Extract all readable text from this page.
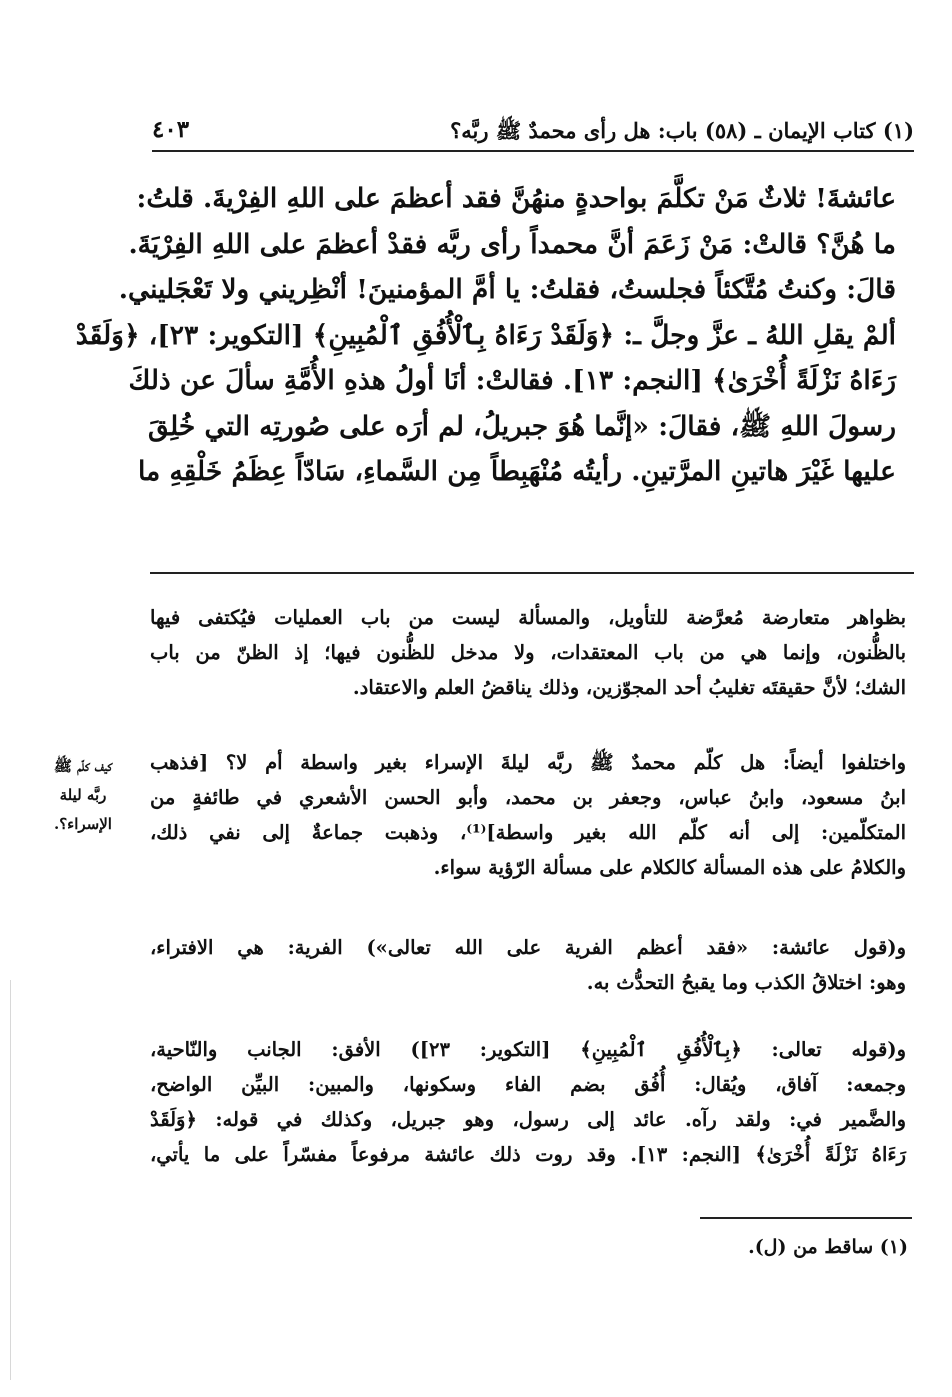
(١) كتاب الإيمان ـ (٥٨) باب: هل رأى محمدٌ ﷺ ربَّه؟
٤٠٣
عائشةَ! ثلاثٌ مَنْ تكلَّمَ بواحدةٍ منهُنَّ فقد أعظمَ على اللهِ الفِرْيةَ. قلتُ:
ما هُنَّ؟ قالتْ: مَنْ زَعَمَ أنَّ محمداً رأى ربَّه فقدْ أعظمَ على اللهِ الفِرْيَةَ.
قالَ: وكنتُ مُتَّكئاً فجلستُ، فقلتُ: يا أمَّ المؤمنينَ! أنْظِريني ولا تَعْجَليني.
ألمْ يقلِ اللهُ ـ عزَّ وجلَّ ـ: ﴿وَلَقَدْ رَءَاهُ بِٱلْأُفُقِ ٱلْمُبِينِ﴾ [التكوير: ٢٣]، ﴿وَلَقَدْ
رَءَاهُ نَزْلَةً أُخْرَىٰ﴾ [النجم: ١٣]. فقالتْ: أنَا أولُ هذهِ الأُمَّةِ سألَ عن ذلكَ
رسولَ اللهِ ﷺ، فقالَ: «إنَّما هُوَ جبريلُ، لم أرَه على صُورتِه التي خُلِقَ
عليها غَيْرَ هاتينِ المرَّتينِ. رأيتُه مُنْهَبِطاً مِن السَّماءِ، سَادّاً عِظَمُ خَلْقِهِ ما
بظواهر متعارضة مُعرَّضة للتأويل، والمسألة ليست من باب العمليات فيُكتفى فيها
بالظُّنون، وإنما هي من باب المعتقدات، ولا مدخل للظُّنون فيها؛ إذ الظنّ من باب
الشك؛ لأنَّ حقيقتَه تغليبُ أحد المجوّزين، وذلك يناقضُ العلم والاعتقاد.
واختلفوا أيضاً: هل كلّم محمدٌ ﷺ ربَّه ليلةَ الإسراء بغير واسطة أم لا؟ [فذهب
ابنُ مسعود، وابنُ عباس، وجعفر بن محمد، وأبو الحسن الأشعري في طائفةٍ من
المتكلّمين: إلى أنه كلّم الله بغير واسطة]⁽¹⁾، وذهبت جماعةٌ إلى نفي ذلك،
والكلامُ على هذه المسألة كالكلام على مسألة الرّؤية سواء.
كيف كلّم ﷺ
ربَّه ليلة
الإسراء؟.
و(قول عائشة: «فقد أعظم الفرية على الله تعالى») الفرية: هي الافتراء،
وهو: اختلاقُ الكذب وما يقبحُ التحدُّث به.
و(قوله تعالى: ﴿بِٱلْأُفُقِ ٱلْمُبِينِ﴾ [التكوير: ٢٣]) الأفق: الجانب والنّاحية،
وجمعه: آفاق، ويُقال: أُفُق بضم الفاء وسكونها، والمبين: البيِّن الواضح،
والضَّمير في: ولقد رآه. عائد إلى رسول، وهو جبريل، وكذلك في قوله: ﴿وَلَقَدْ
رَءَاهُ نَزْلَةً أُخْرَىٰ﴾ [النجم: ١٣]. وقد روت ذلك عائشة مرفوعاً مفسّراً على ما يأتي،
(١) ساقط من (ل).
